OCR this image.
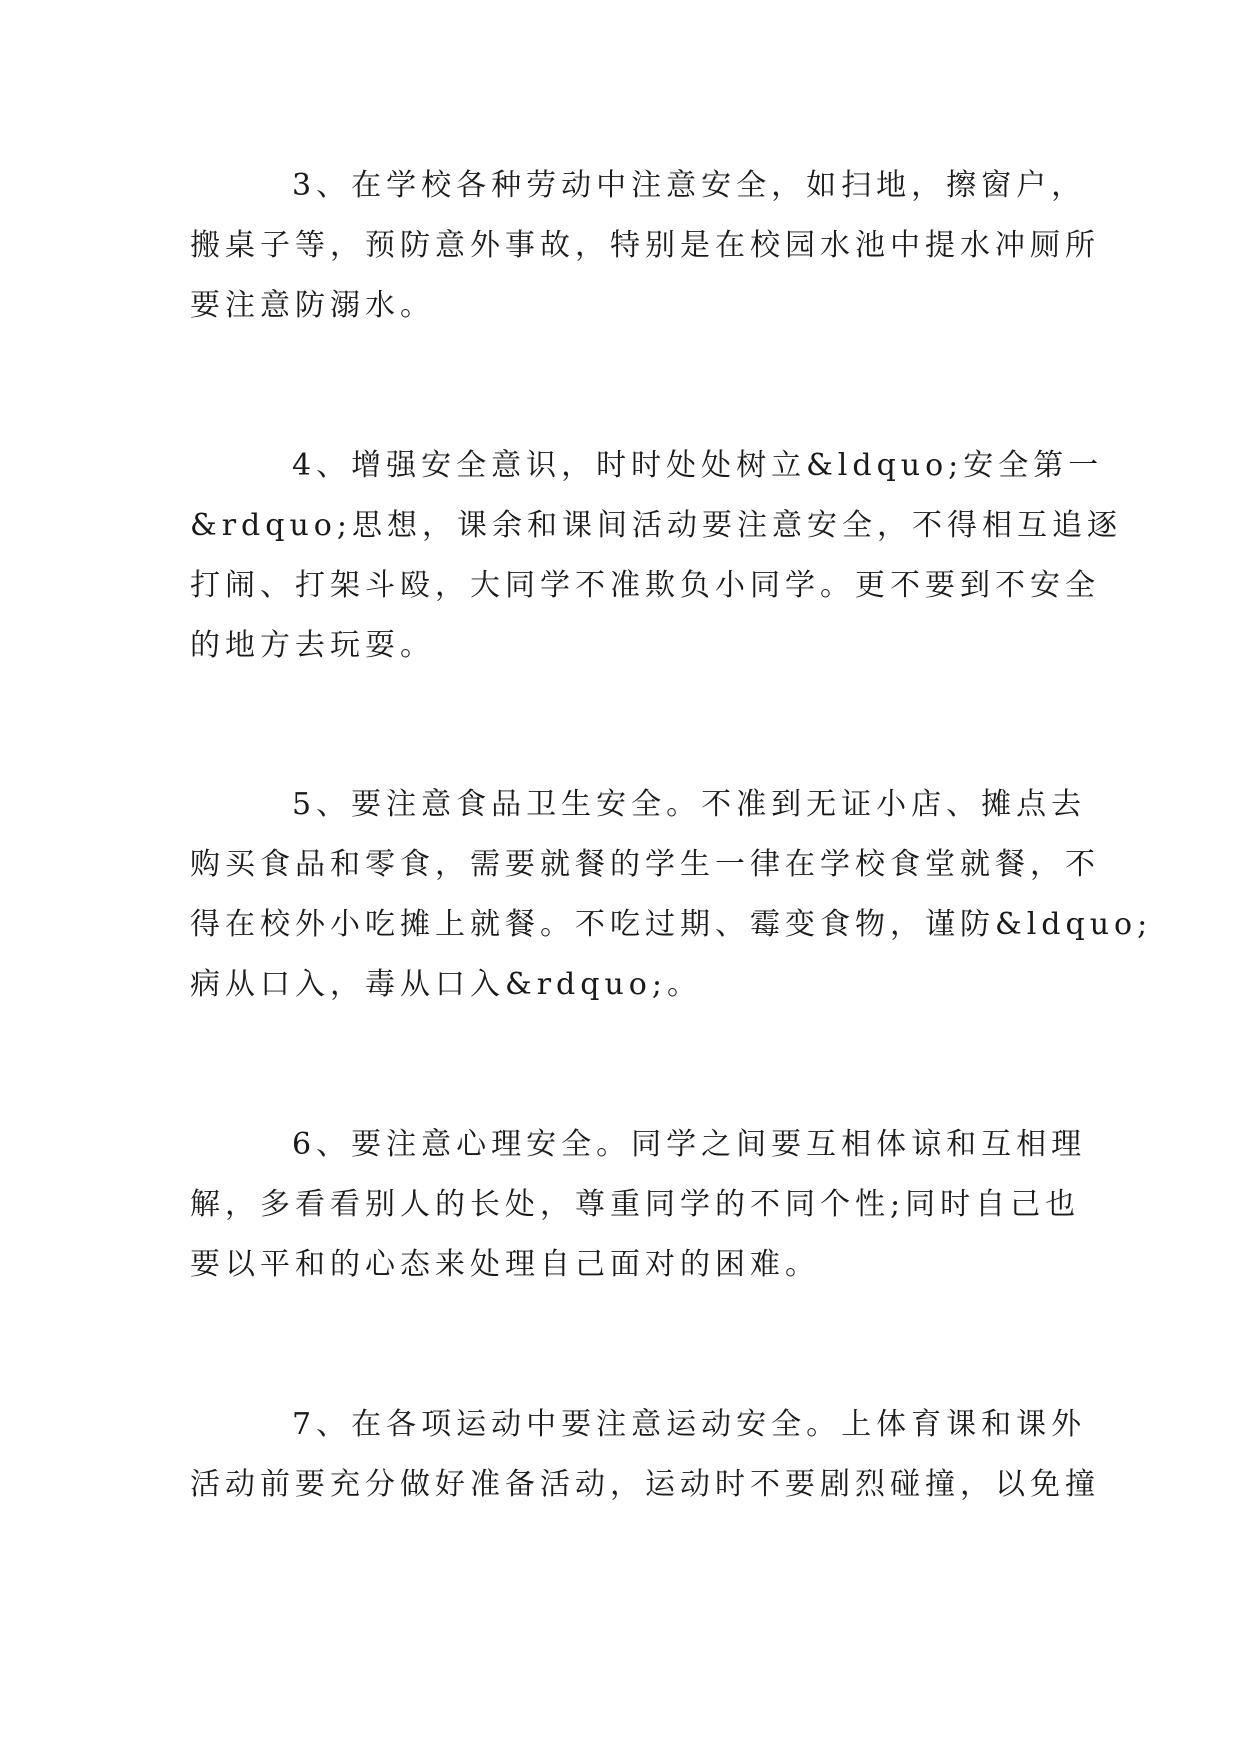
3、在学校各种劳动中注意安全，如扫地，擦窗户，
搬桌子等，预防意外事故，特别是在校园水池中提水冲厕所
要注意防溺水。
4、增强安全意识，时时处处树立&ldquo;安全第一
&rdquo;思想，课余和课间活动要注意安全，不得相互追逐
打闹、打架斗殴，大同学不准欺负小同学。更不要到不安全
的地方去玩耍。
5、要注意食品卫生安全。不准到无证小店、摊点去
购买食品和零食，需要就餐的学生一律在学校食堂就餐，不
得在校外小吃摊上就餐。不吃过期、霉变食物，谨防&ldquo;
病从口入，毒从口入&rdquo;。
6、要注意心理安全。同学之间要互相体谅和互相理
解，多看看别人的长处，尊重同学的不同个性;同时自己也
要以平和的心态来处理自己面对的困难。
7、在各项运动中要注意运动安全。上体育课和课外
活动前要充分做好准备活动，运动时不要剧烈碰撞，以免撞
